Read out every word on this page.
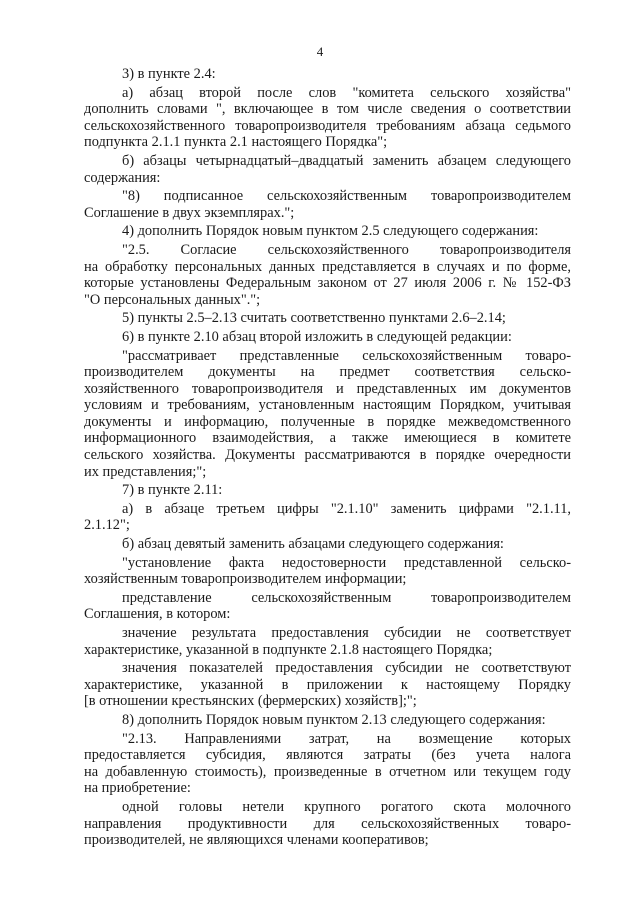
4

3) в пункте 2.4:

а) абзац второй после слов "комитета сельского хозяйства"

дополнить словами ", включающее в том числе сведения о соответствии

сельскохозяйственного товаропроизводителя требованиям абзаца седьмого

подпункта 2.1.1 пункта 2.1 настоящего Порядка";

б) абзацы четырнадцатый–двадцатый заменить абзацем следующего

содержания:

"8) подписанное сельскохозяйственным товаропроизводителем

Соглашение в двух экземплярах.";

4) дополнить Порядок новым пунктом 2.5 следующего содержания:

"2.5. Согласие сельскохозяйственного товаропроизводителя

на обработку персональных данных представляется в случаях и по форме,

которые установлены Федеральным законом от 27 июля 2006 г. № 152-ФЗ

"О персональных данных".";

5) пункты 2.5–2.13 считать соответственно пунктами 2.6–2.14;

6) в пункте 2.10 абзац второй изложить в следующей редакции:

"рассматривает представленные сельскохозяйственным товаро-

производителем документы на предмет соответствия сельско-

хозяйственного товаропроизводителя и представленных им документов

условиям и требованиям, установленным настоящим Порядком, учитывая

документы и информацию, полученные в порядке межведомственного

информационного взаимодействия, а также имеющиеся в комитете

сельского хозяйства. Документы рассматриваются в порядке очередности

их представления;";

7) в пункте 2.11:

а) в абзаце третьем цифры "2.1.10" заменить цифрами "2.1.11,

2.1.12";

б) абзац девятый заменить абзацами следующего содержания:

"установление факта недостоверности представленной сельско-

хозяйственным товаропроизводителем информации;

представление сельскохозяйственным товаропроизводителем

Соглашения, в котором:

значение результата предоставления субсидии не соответствует

характеристике, указанной в подпункте 2.1.8 настоящего Порядка;

значения показателей предоставления субсидии не соответствуют

характеристике, указанной в приложении к настоящему Порядку

[в отношении крестьянских (фермерских) хозяйств];";

8) дополнить Порядок новым пунктом 2.13 следующего содержания:

"2.13. Направлениями затрат, на возмещение которых

предоставляется субсидия, являются затраты (без учета налога

на добавленную стоимость), произведенные в отчетном или текущем году

на приобретение:

одной головы нетели крупного рогатого скота молочного

направления продуктивности для сельскохозяйственных товаро-

производителей, не являющихся членами кооперативов;
